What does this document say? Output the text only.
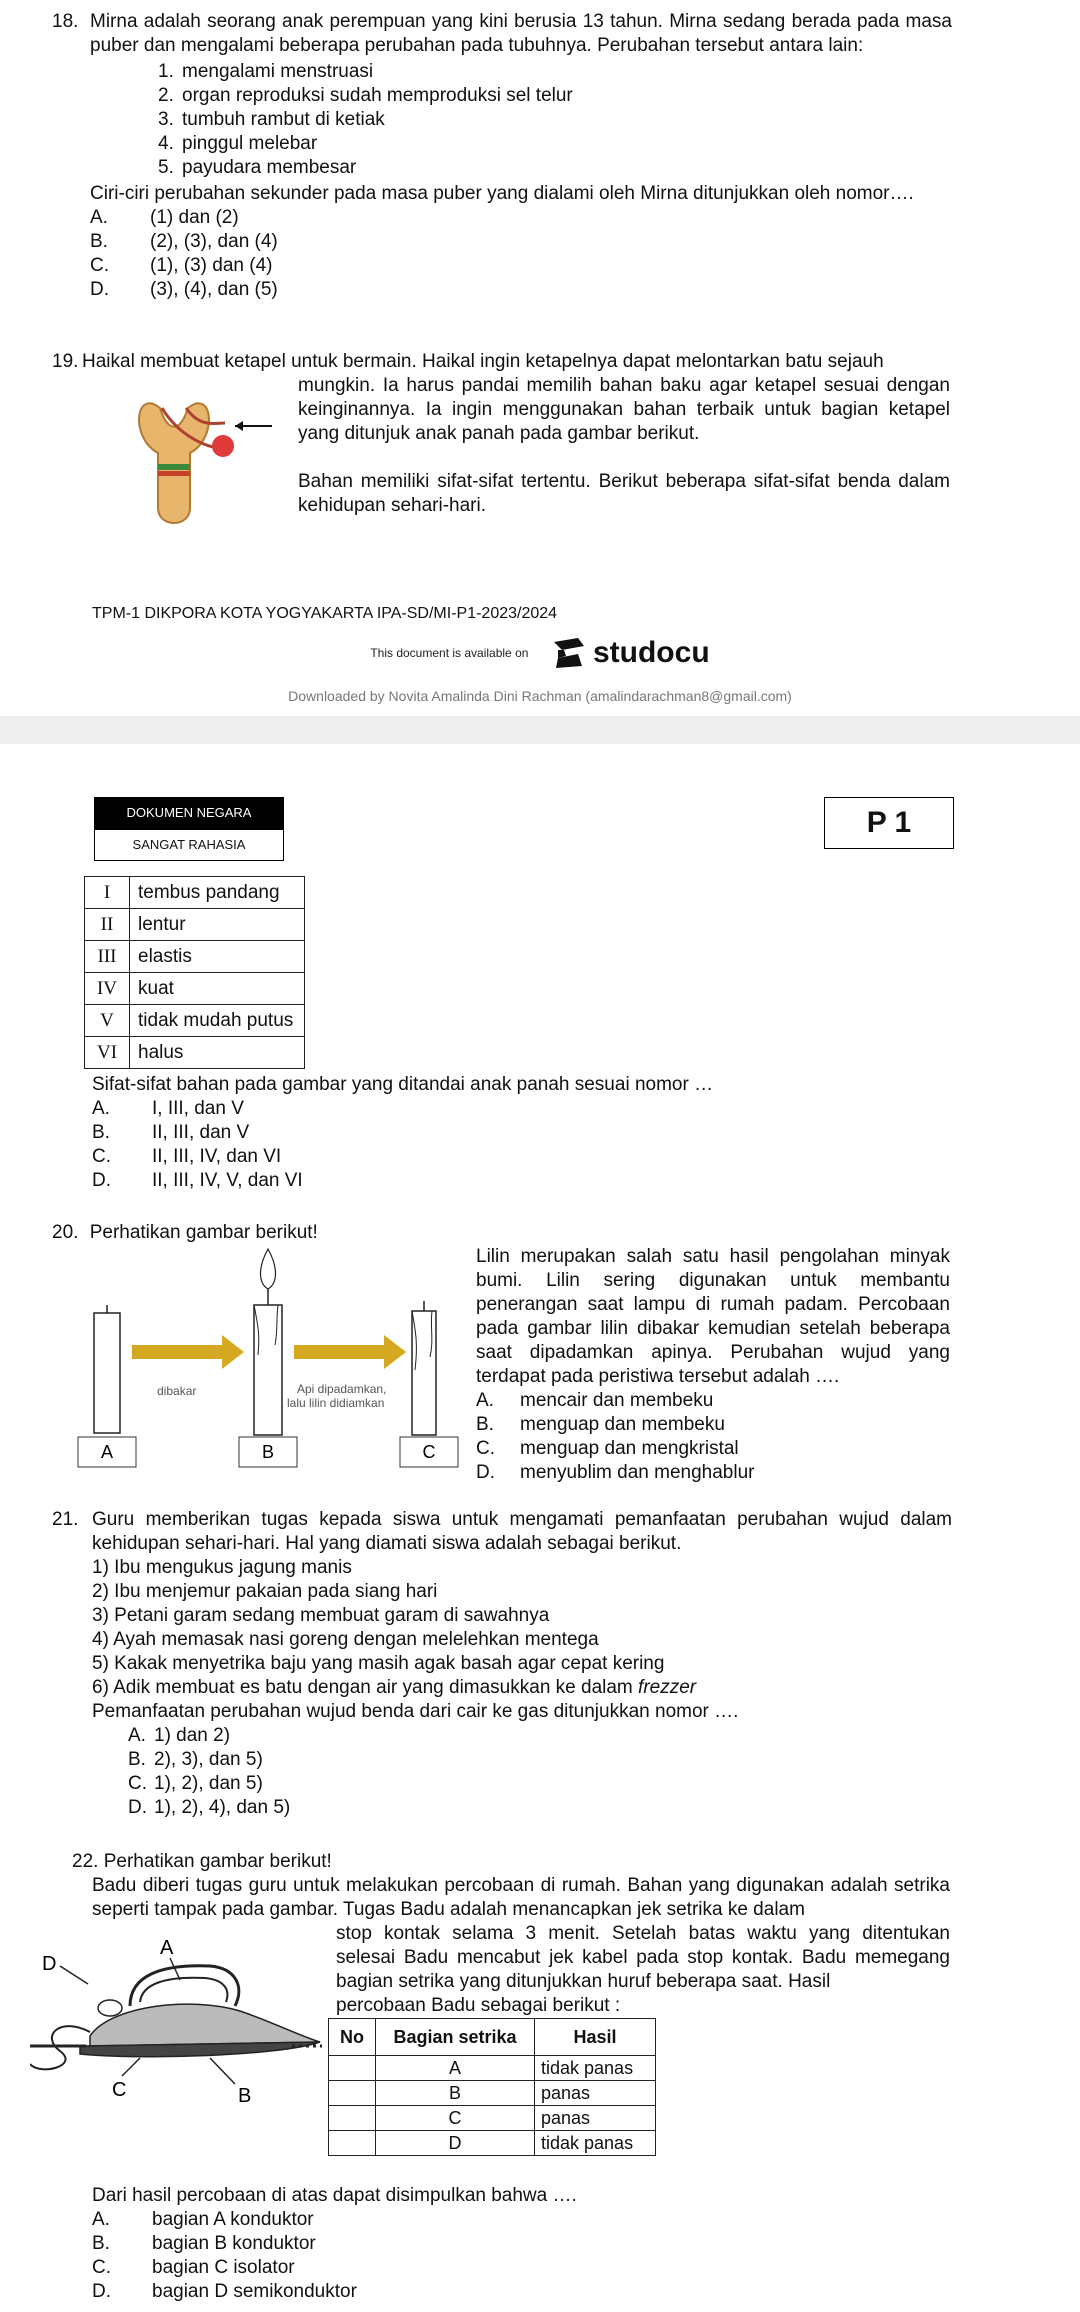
18. Mirna adalah seorang anak perempuan yang kini berusia 13 tahun. Mirna sedang berada pada masa puber dan mengalami beberapa perubahan pada tubuhnya. Perubahan tersebut antara lain:
1. mengalami menstruasi
2. organ reproduksi sudah memproduksi sel telur
3. tumbuh rambut di ketiak
4. pinggul melebar
5. payudara membesar
Ciri-ciri perubahan sekunder pada masa puber yang dialami oleh Mirna ditunjukkan oleh nomor….
A.	(1) dan (2)
B.	(2), (3), dan (4)
C.	(1), (3) dan (4)
D.	(3), (4), dan (5)
19. Haikal membuat ketapel untuk bermain. Haikal ingin ketapelnya dapat melontarkan batu sejauh
mungkin. Ia harus pandai memilih bahan baku agar ketapel sesuai dengan keinginannya. Ia ingin menggunakan bahan terbaik untuk bagian ketapel yang ditunjuk anak panah pada gambar berikut.
Bahan memiliki sifat-sifat tertentu. Berikut beberapa sifat-sifat benda dalam kehidupan sehari-hari.
TPM-1 DIKPORA KOTA YOGYAKARTA IPA-SD/MI-P1-2023/2024
This document is available on studocu
Downloaded by Novita Amalinda Dini Rachman (amalindarachman8@gmail.com)
DOKUMEN NEGARA
SANGAT RAHASIA
P 1
I	tembus pandang
II	lentur
III	elastis
IV	kuat
V	tidak mudah putus
VI	halus
Sifat-sifat bahan pada gambar yang ditandai anak panah sesuai nomor …
A.	I, III, dan V
B.	II, III, dan V
C.	II, III, IV, dan VI
D.	II, III, IV, V, dan VI
20. Perhatikan gambar berikut!
dibakar	Api dipadamkan,
lalu lilin didiamkan
A	B	C
Lilin merupakan salah satu hasil pengolahan minyak bumi. Lilin sering digunakan untuk membantu penerangan saat lampu di rumah padam. Percobaan pada gambar lilin dibakar kemudian setelah beberapa saat dipadamkan apinya. Perubahan wujud yang terdapat pada peristiwa tersebut adalah ….
A.	mencair dan membeku
B.	menguap dan membeku
C. menguap dan mengkristal
D. menyublim dan menghablur
21. Guru memberikan tugas kepada siswa untuk mengamati pemanfaatan perubahan wujud dalam kehidupan sehari-hari. Hal yang diamati siswa adalah sebagai berikut.
1) Ibu mengukus jagung manis
2) Ibu menjemur pakaian pada siang hari
3) Petani garam sedang membuat garam di sawahnya
4) Ayah memasak nasi goreng dengan melelehkan mentega
5) Kakak menyetrika baju yang masih agak basah agar cepat kering
6) Adik membuat es batu dengan air yang dimasukkan ke dalam frezzer
Pemanfaatan perubahan wujud benda dari cair ke gas ditunjukkan nomor ….
A. 1) dan 2)
B. 2), 3), dan 5)
C. 1), 2), dan 5)
D. 1), 2), 4), dan 5)
22. Perhatikan gambar berikut!
Badu diberi tugas guru untuk melakukan percobaan di rumah. Bahan yang digunakan adalah setrika seperti tampak pada gambar. Tugas Badu adalah menancapkan jek setrika ke dalam
A
B
C
D
stop kontak selama 3 menit. Setelah batas waktu yang ditentukan selesai Badu mencabut jek kabel pada stop kontak. Badu memegang bagian setrika yang ditunjukkan huruf beberapa saat. Hasil
percobaan Badu sebagai berikut :
No	Bagian setrika	Hasil
	A	tidak panas
	B	panas
	C	panas
	D	tidak panas
Dari hasil percobaan di atas dapat disimpulkan bahwa ….
A.	bagian A konduktor
B.	bagian B konduktor
C.	bagian C isolator
D.	bagian D semikonduktor
